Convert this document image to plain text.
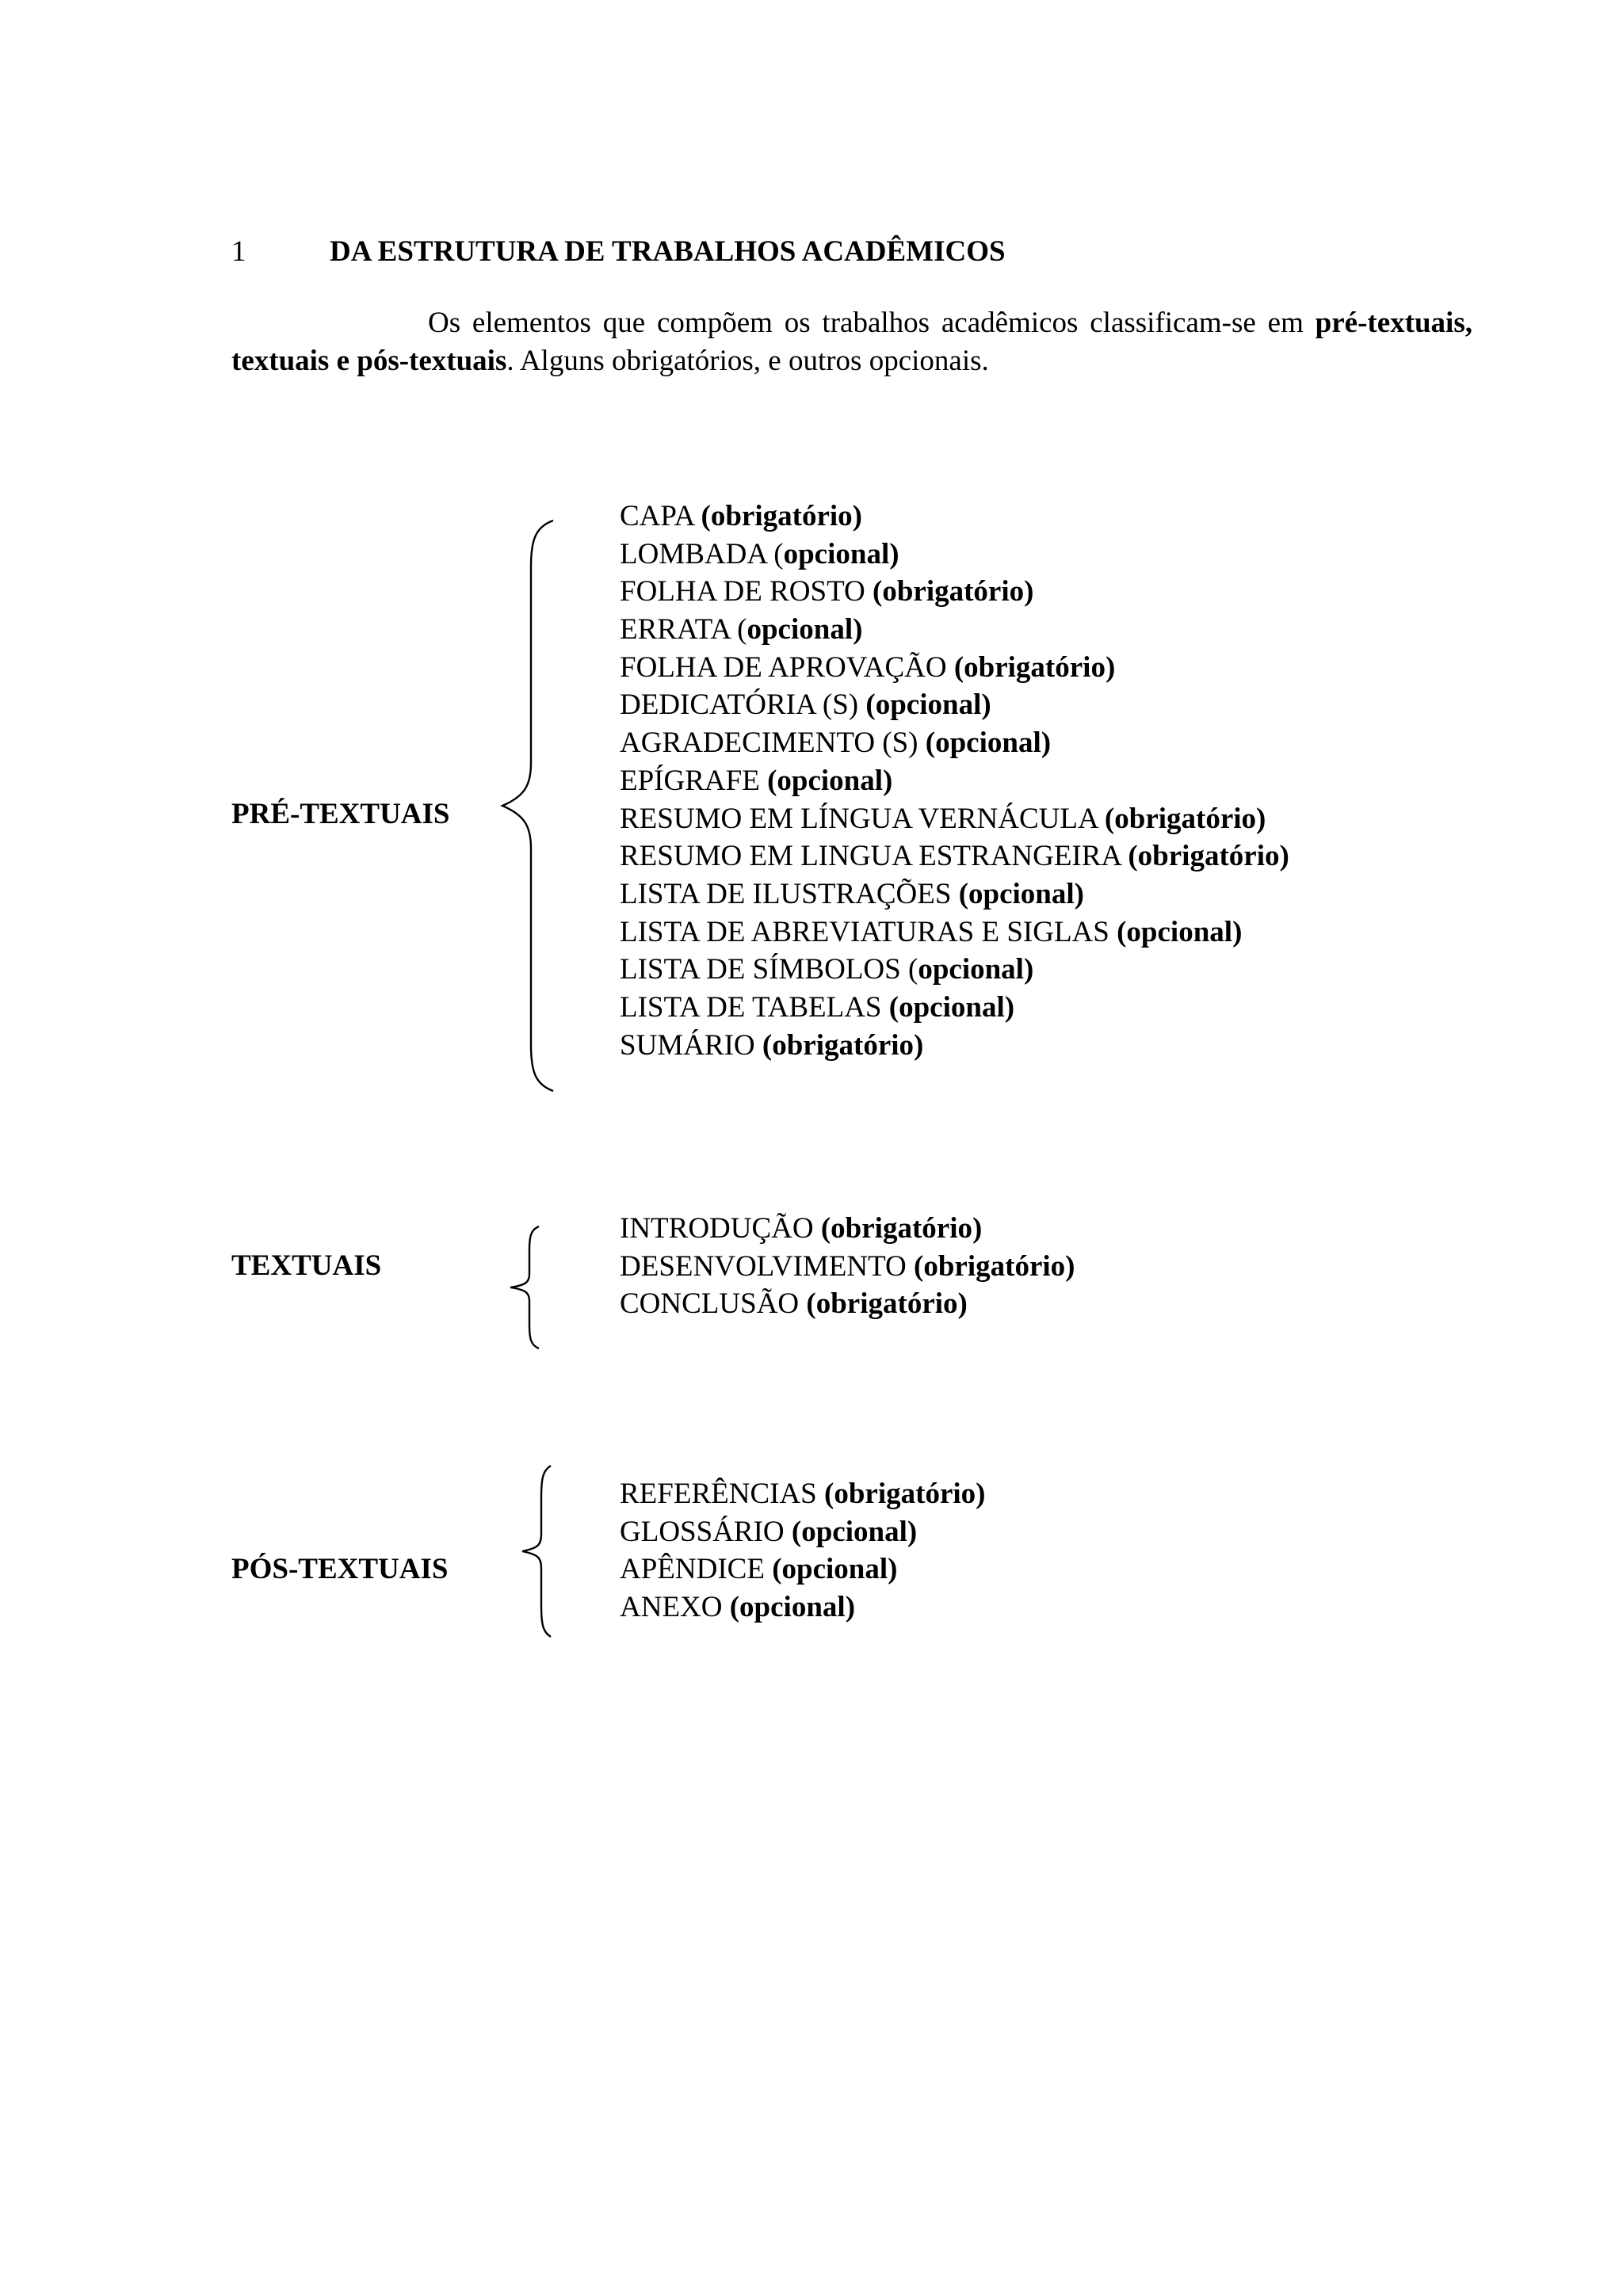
1	DA ESTRUTURA DE TRABALHOS ACADÊMICOS

Os elementos que compõem os trabalhos acadêmicos classificam-se em pré-textuais, textuais e pós-textuais. Alguns obrigatórios, e outros opcionais.

PRÉ-TEXTUAIS
CAPA (obrigatório)
LOMBADA (opcional)
FOLHA DE ROSTO (obrigatório)
ERRATA (opcional)
FOLHA DE APROVAÇÃO (obrigatório)
DEDICATÓRIA (S) (opcional)
AGRADECIMENTO (S) (opcional)
EPÍGRAFE (opcional)
RESUMO EM LÍNGUA VERNÁCULA (obrigatório)
RESUMO EM LINGUA ESTRANGEIRA (obrigatório)
LISTA DE ILUSTRAÇÕES (opcional)
LISTA DE ABREVIATURAS E SIGLAS (opcional)
LISTA DE SÍMBOLOS (opcional)
LISTA DE TABELAS (opcional)
SUMÁRIO (obrigatório)
TEXTUAIS
INTRODUÇÃO (obrigatório)
DESENVOLVIMENTO (obrigatório)
CONCLUSÃO (obrigatório)
PÓS-TEXTUAIS
REFERÊNCIAS (obrigatório)
GLOSSÁRIO (opcional)
APÊNDICE (opcional)
ANEXO (opcional)
